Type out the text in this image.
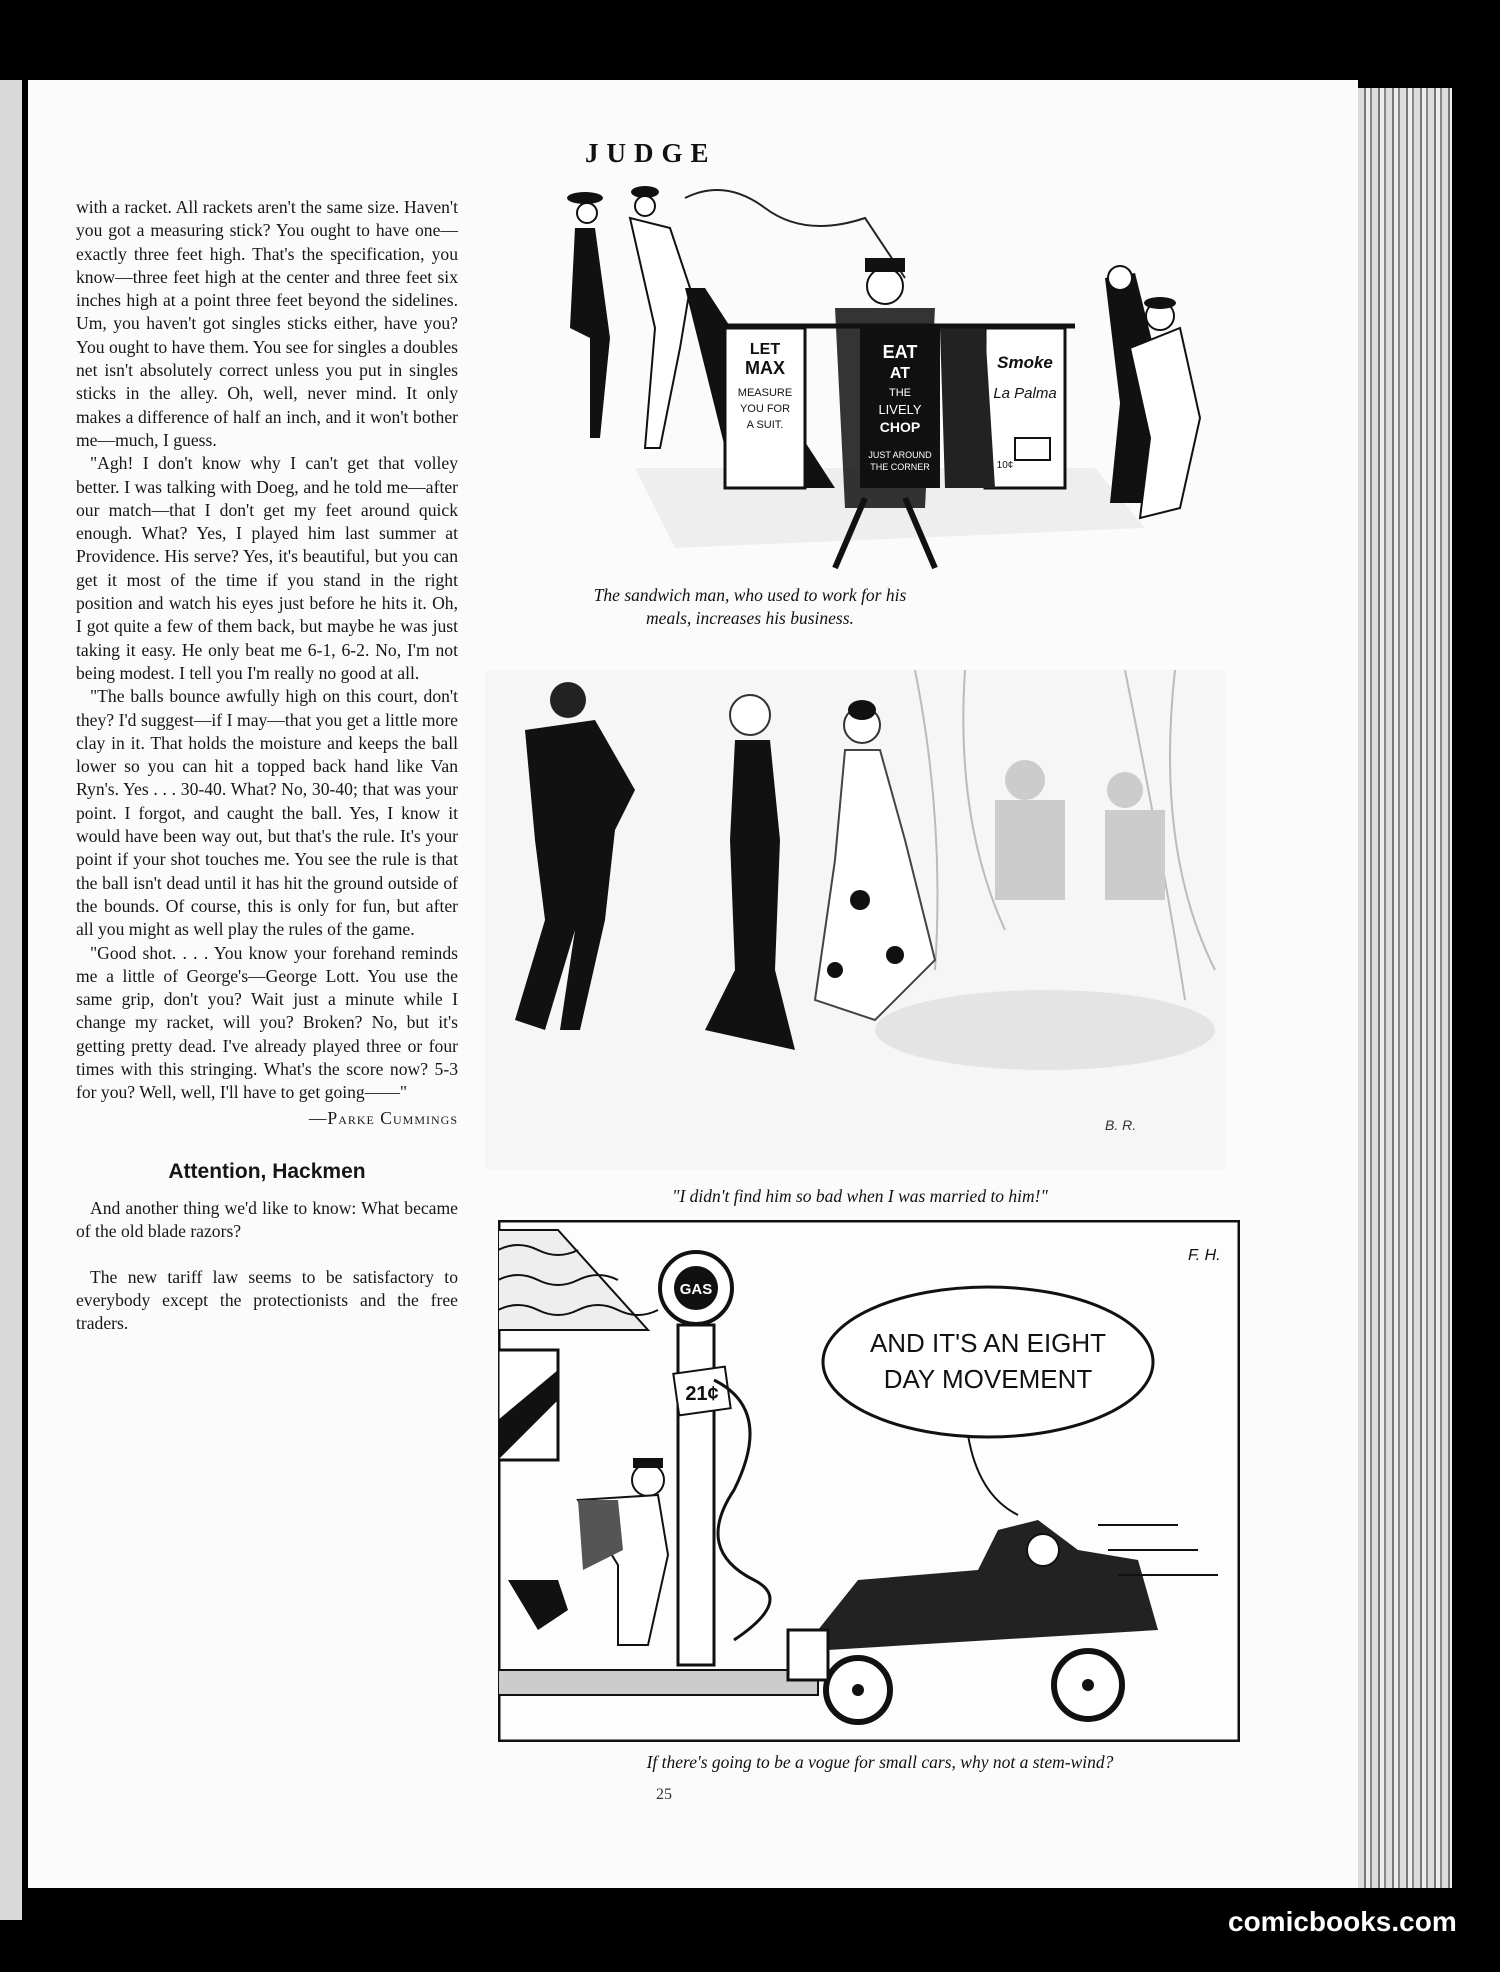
JUDGE

with a racket. All rackets aren't the same size. Haven't you got a measuring stick? You ought to have one—exactly three feet high. That's the specification, you know—three feet high at the center and three feet six inches high at a point three feet beyond the sidelines. Um, you haven't got singles sticks either, have you? You ought to have them. You see for singles a doubles net isn't absolutely correct unless you put in singles sticks in the alley. Oh, well, never mind. It only makes a difference of half an inch, and it won't bother me—much, I guess.

"Agh! I don't know why I can't get that volley better. I was talking with Doeg, and he told me—after our match—that I don't get my feet around quick enough. What? Yes, I played him last summer at Providence. His serve? Yes, it's beautiful, but you can get it most of the time if you stand in the right position and watch his eyes just before he hits it. Oh, I got quite a few of them back, but maybe he was just taking it easy. He only beat me 6-1, 6-2. No, I'm not being modest. I tell you I'm really no good at all.

"The balls bounce awfully high on this court, don't they? I'd suggest—if I may—that you get a little more clay in it. That holds the moisture and keeps the ball lower so you can hit a topped back hand like Van Ryn's. Yes . . . 30-40. What? No, 30-40; that was your point. I forgot, and caught the ball. Yes, I know it would have been way out, but that's the rule. It's your point if your shot touches me. You see the rule is that the ball isn't dead until it has hit the ground outside of the bounds. Of course, this is only for fun, but after all you might as well play the rules of the game.

"Good shot. . . . You know your forehand reminds me a little of George's—George Lott. You use the same grip, don't you? Wait just a minute while I change my racket, will you? Broken? No, but it's getting pretty dead. I've already played three or four times with this stringing. What's the score now? 5-3 for you? Well, well, I'll have to get going——"

—Parke Cummings
Attention, Hackmen

And another thing we'd like to know: What became of the old blade razors?

The new tariff law seems to be satisfactory to everybody except the protectionists and the free traders.

LET
MAX
MEASURE
YOU FOR
A SUIT.
EAT
AT
THE
LIVELY
CHOP
JUST AROUND
THE CORNER
Smoke
La Palma
10¢
The sandwich man, who used to work for his
meals, increases his business.
B. R.
"I didn't find him so bad when I was married to him!"
GAS
21¢
AND IT'S AN EIGHT
DAY MOVEMENT
F. H.
If there's going to be a vogue for small cars, why not a stem-wind?
25
comicbooks.com
